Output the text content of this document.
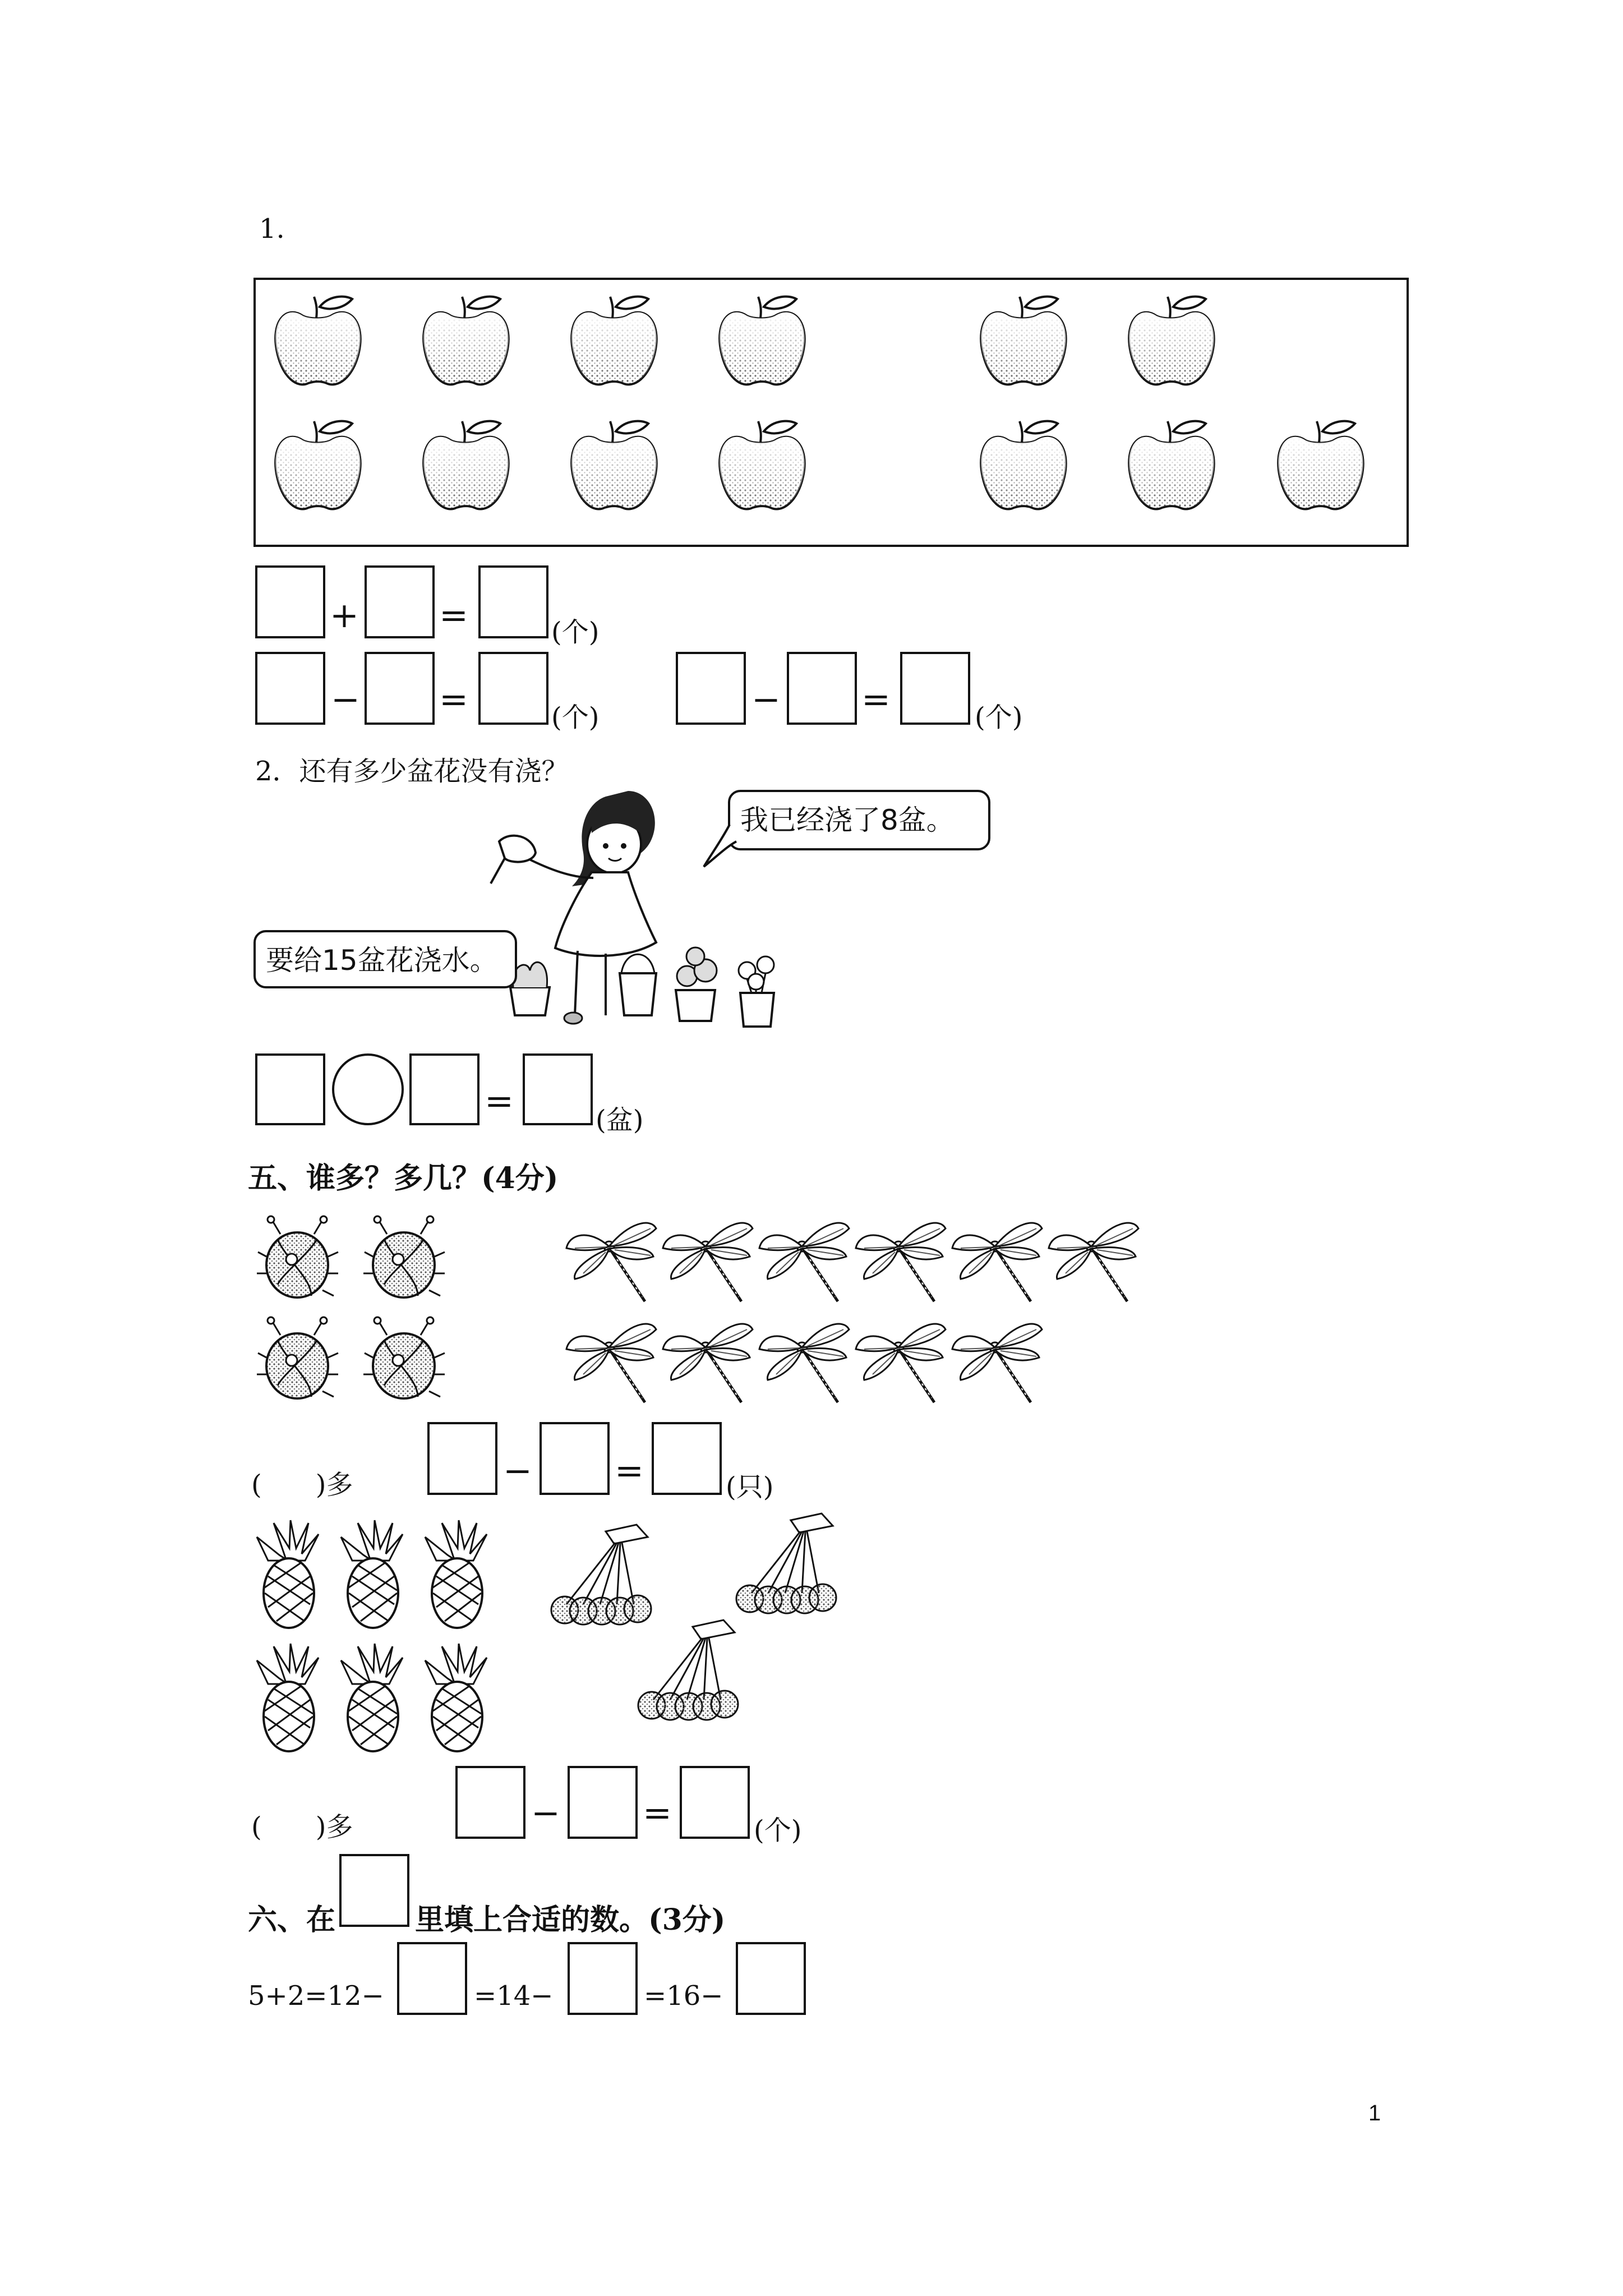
1.
+ =	(个)
− =	(个)	− =	(个)
2．还有多少盆花没有浇？
我已经浇了8盆。
要给15盆花浇水。
=	(盆)
五、谁多？多几？(4分)
(　　)多	− =	(只)
(　　)多	− =	(个)
六、在	里填上合适的数。(3分)
5+2=12−	=14−	=16−
1
